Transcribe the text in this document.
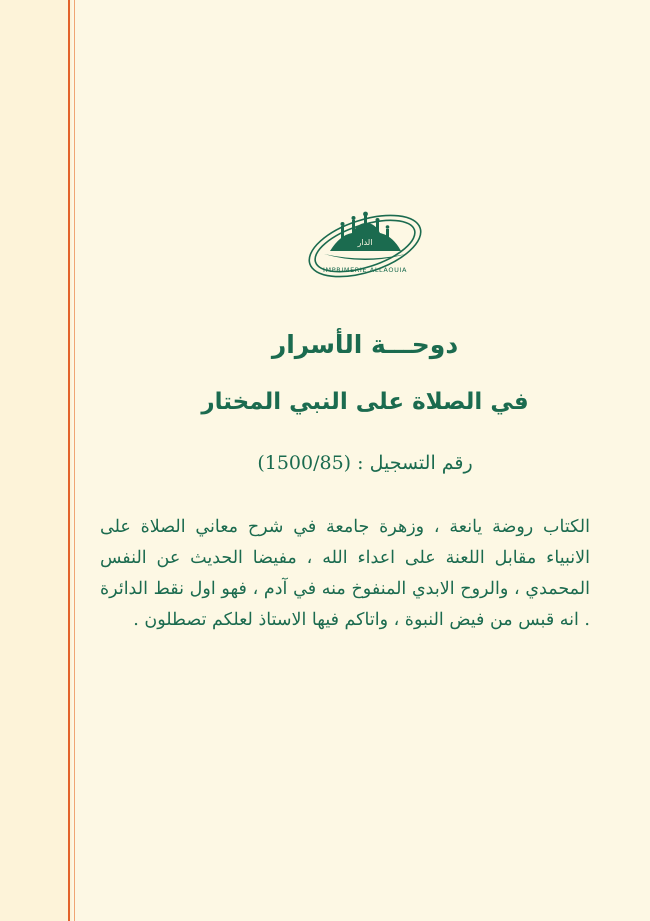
الدار
IMPRIMERIE ALLAOUIA
دوحـــة الأسرار
في الصلاة على النبي المختار
رقم التسجيل : (1500/85)

الكتاب روضة يانعة ، وزهرة جامعة في شرح معاني الصلاة على الانبياء مقابل اللعنة على اعداء الله ، مفيضا الحديث عن النفس المحمدي ، والروح الابدي المنفوخ منه في آدم ، فهو اول نقط الدائرة . انه قبس من فيض النبوة ، واتاكم فيها الاستاذ لعلكم تصطلون .
